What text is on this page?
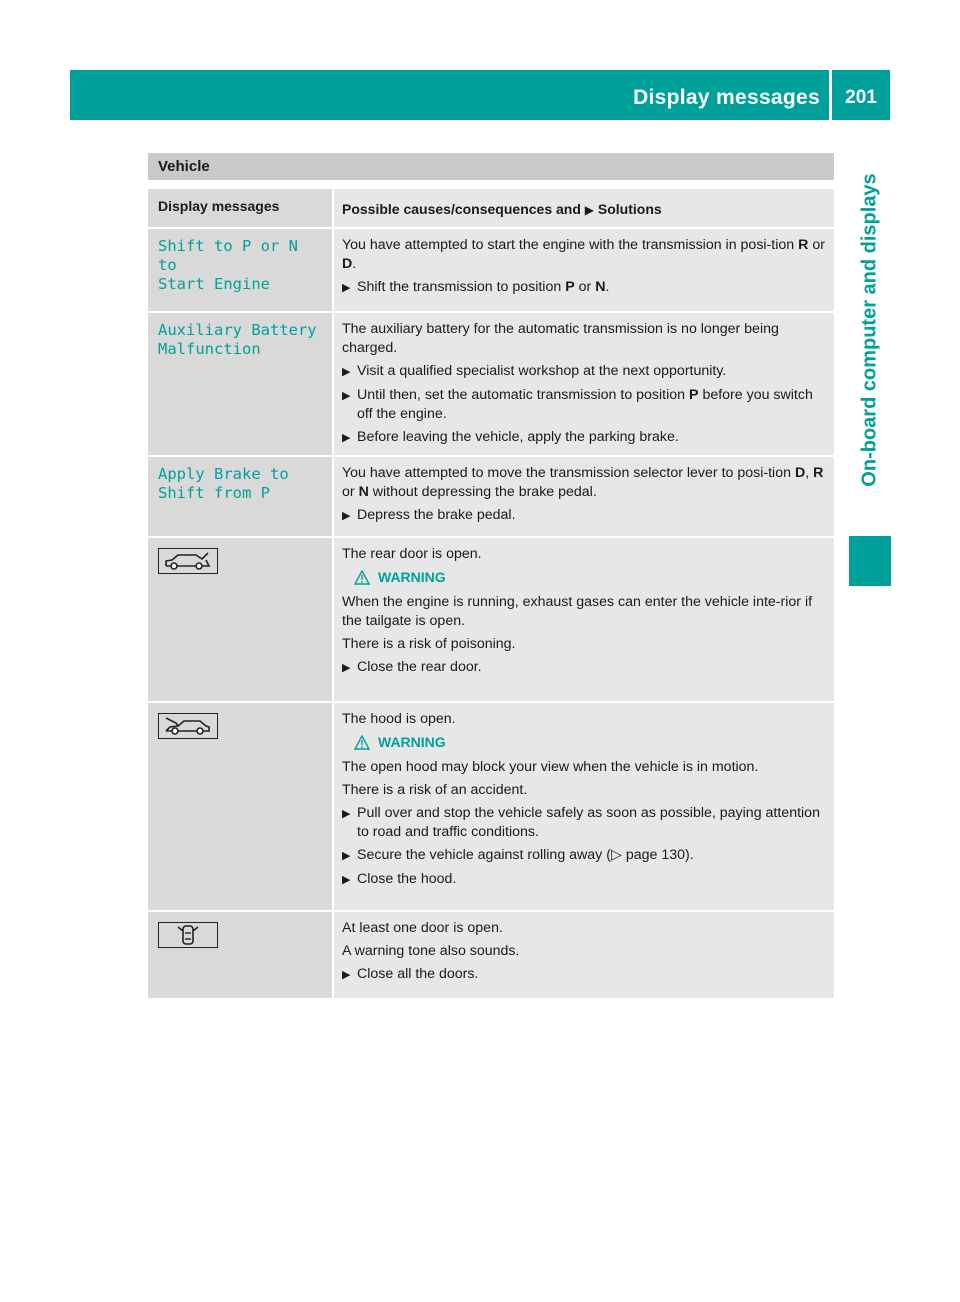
Display messages	201
On-board computer and displays
Vehicle
Display messages	Possible causes/consequences and ▶ Solutions
Shift to P or N to
Start Engine

You have attempted to start the engine with the transmission in posi-tion R or D.

▶ Shift the transmission to position P or N.
Auxiliary Battery
Malfunction

The auxiliary battery for the automatic transmission is no longer being charged.

▶ Visit a qualified specialist workshop at the next opportunity.
▶ Until then, set the automatic transmission to position P before you switch off the engine.
▶ Before leaving the vehicle, apply the parking brake.
Apply Brake to
Shift from P

You have attempted to move the transmission selector lever to posi-tion D, R or N without depressing the brake pedal.

▶ Depress the brake pedal.

The rear door is open.

WARNING

When the engine is running, exhaust gases can enter the vehicle inte-rior if the tailgate is open.

There is a risk of poisoning.

▶ Close the rear door.

The hood is open.

WARNING

The open hood may block your view when the vehicle is in motion.

There is a risk of an accident.

▶ Pull over and stop the vehicle safely as soon as possible, paying attention to road and traffic conditions.
▶ Secure the vehicle against rolling away (▷ page 130).
▶ Close the hood.

At least one door is open.

A warning tone also sounds.

▶ Close all the doors.
